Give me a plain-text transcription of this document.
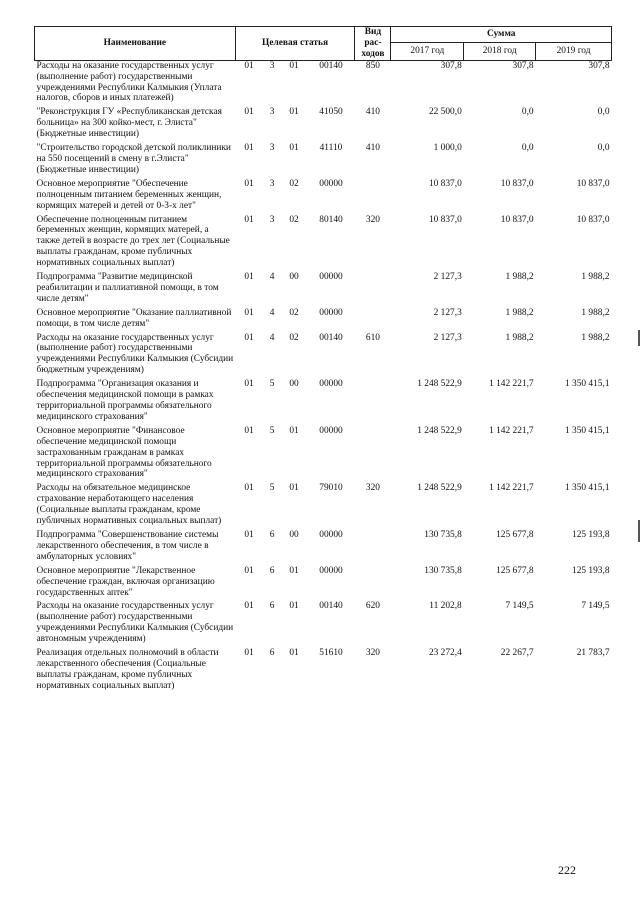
Наименование	Целевая статья				Вид рас-ходов	Сумма		
						2017 год	2018 год	2019 год
Расходы на оказание государственных услуг (выполнение работ) государственными учреждениями Республики Калмыкия (Уплата налогов, сборов и иных платежей)	01	3	01	00140	850	307,8	307,8	307,8
"Реконструкция ГУ «Республиканская детская больница» на 300 койко-мест, г. Элиста" (Бюджетные инвестиции)	01	3	01	41050	410	22 500,0	0,0	0,0
"Строительство городской детской поликлиники на 550 посещений в смену в г.Элиста" (Бюджетные инвестиции)	01	3	01	41110	410	1 000,0	0,0	0,0
Основное мероприятие "Обеспечение полноценным питанием беременных женщин, кормящих матерей и детей от 0-3-х лет"	01	3	02	00000		10 837,0	10 837,0	10 837,0
Обеспечение полноценным питанием беременных женщин, кормящих матерей, а также детей в возрасте до трех лет (Социальные выплаты гражданам, кроме публичных нормативных социальных выплат)	01	3	02	80140	320	10 837,0	10 837,0	10 837,0
Подпрограмма "Развитие медицинской реабилитации и паллиативной помощи, в том числе детям"	01	4	00	00000		2 127,3	1 988,2	1 988,2
Основное мероприятие "Оказание паллиативной помощи, в том числе детям"	01	4	02	00000		2 127,3	1 988,2	1 988,2
Расходы на оказание государственных услуг (выполнение работ) государственными учреждениями Республики Калмыкия (Субсидии бюджетным учреждениям)	01	4	02	00140	610	2 127,3	1 988,2	1 988,2
Подпрограмма "Организация оказания и обеспечения медицинской помощи в рамках территориальной программы обязательного медицинского страхования"	01	5	00	00000		1 248 522,9	1 142 221,7	1 350 415,1
Основное мероприятие "Финансовое обеспечение медицинской помощи застрахованным гражданам в рамках территориальной программы обязательного медицинского страхования"	01	5	01	00000		1 248 522,9	1 142 221,7	1 350 415,1
Расходы на обязательное медицинское страхование неработающего населения (Социальные выплаты гражданам, кроме публичных нормативных социальных выплат)	01	5	01	79010	320	1 248 522,9	1 142 221,7	1 350 415,1
Подпрограмма "Совершенствование системы лекарственного обеспечения, в том числе в амбулаторных условиях"	01	6	00	00000		130 735,8	125 677,8	125 193,8
Основное мероприятие "Лекарственное обеспечение граждан, включая организацию государственных аптек"	01	6	01	00000		130 735,8	125 677,8	125 193,8
Расходы на оказание государственных услуг (выполнение работ) государственными учреждениями Республики Калмыкия (Субсидии автономным учреждениям)	01	6	01	00140	620	11 202,8	7 149,5	7 149,5
Реализация отдельных полномочий в области лекарственного обеспечения (Социальные выплаты гражданам, кроме публичных нормативных социальных выплат)	01	6	01	51610	320	23 272,4	22 267,7	21 783,7
222
